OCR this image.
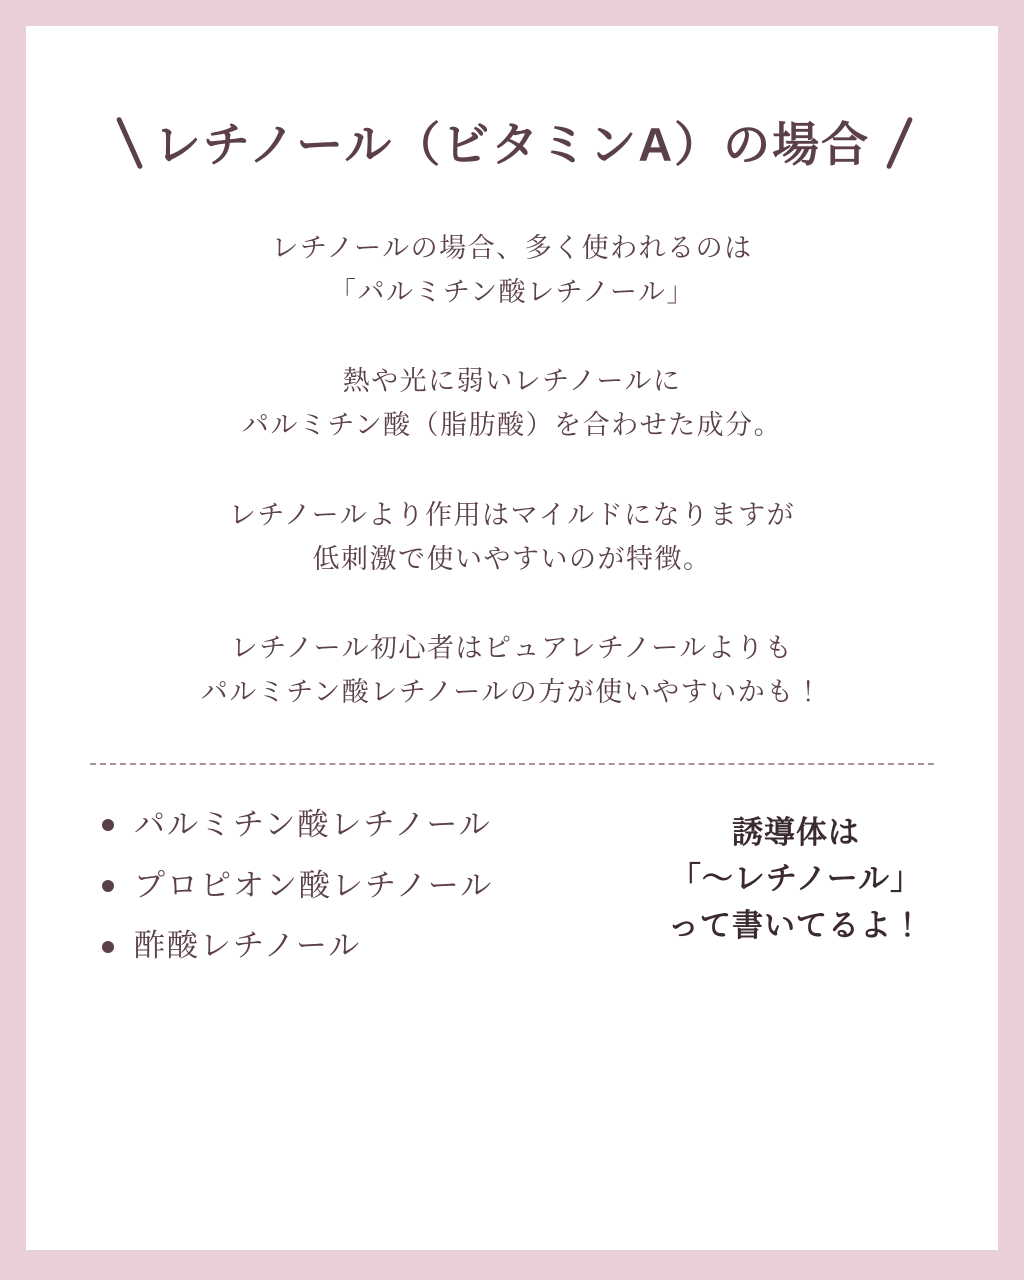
レチノール（ビタミンA）の場合
レチノールの場合、多く使われるのは
「パルミチン酸レチノール」
熱や光に弱いレチノールに
パルミチン酸（脂肪酸）を合わせた成分。
レチノールより作用はマイルドになりますが
低刺激で使いやすいのが特徴。
レチノール初心者はピュアレチノールよりも
パルミチン酸レチノールの方が使いやすいかも！
パルミチン酸レチノール
プロピオン酸レチノール
酢酸レチノール
誘導体は
「〜レチノール」
って書いてるよ！
